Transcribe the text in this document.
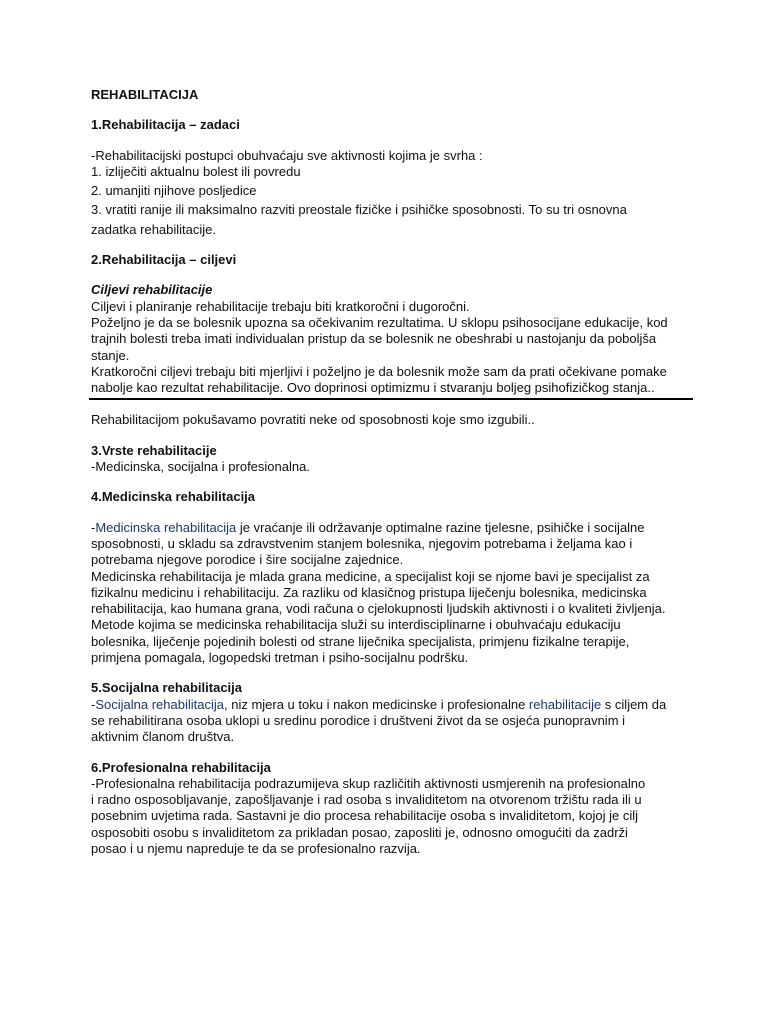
REHABILITACIJA

1.Rehabilitacija – zadaci

-Rehabilitacijski postupci obuhvaćaju sve aktivnosti kojima je svrha :

1. izliječiti aktualnu bolest ili povredu

2. umanjiti njihove posljedice

3. vratiti ranije ili maksimalno razviti preostale fizičke i psihičke sposobnosti. To su tri osnovna

zadatka rehabilitacije.

2.Rehabilitacija – ciljevi

Ciljevi rehabilitacije

Ciljevi i planiranje rehabilitacije trebaju biti kratkoročni i dugoročni.

Poželjno je da se bolesnik upozna sa očekivanim rezultatima. U sklopu psihosocijane edukacije, kod

trajnih bolesti treba imati individualan pristup da se bolesnik ne obeshrabi u nastojanju da poboljša

stanje.

Kratkoročni ciljevi trebaju biti mjerljivi i poželjno je da bolesnik može sam da prati očekivane pomake

nabolje kao rezultat rehabilitacije. Ovo doprinosi optimizmu i stvaranju boljeg psihofizičkog stanja..

Rehabilitacijom pokušavamo povratiti neke od sposobnosti koje smo izgubili..

3.Vrste rehabilitacije

-Medicinska, socijalna i profesionalna.

4.Medicinska rehabilitacija

-Medicinska rehabilitacija je vraćanje ili održavanje optimalne razine tjelesne, psihičke i socijalne

sposobnosti, u skladu sa zdravstvenim stanjem bolesnika, njegovim potrebama i željama kao i

potrebama njegove porodice i šire socijalne zajednice.

Medicinska rehabilitacija je mlada grana medicine, a specijalist koji se njome bavi je specijalist za

fizikalnu medicinu i rehabilitaciju. Za razliku od klasičnog pristupa liječenju bolesnika, medicinska

rehabilitacija, kao humana grana, vodi računa o cjelokupnosti ljudskih aktivnosti i o kvaliteti življenja.

Metode kojima se medicinska rehabilitacija služi su interdisciplinarne i obuhvaćaju edukaciju

bolesnika, liječenje pojedinih bolesti od strane liječnika specijalista, primjenu fizikalne terapije,

primjena pomagala, logopedski tretman i psiho-socijalnu podršku.

5.Socijalna rehabilitacija

-Socijalna rehabilitacija, niz mjera u toku i nakon medicinske i profesionalne rehabilitacije s ciljem da

se rehabilitirana osoba uklopi u sredinu porodice i društveni život da se osjeća punopravnim i

aktivnim članom društva.

6.Profesionalna rehabilitacija

-Profesionalna rehabilitacija podrazumijeva skup različitih aktivnosti usmjerenih na profesionalno

i radno osposobljavanje, zapošljavanje i rad osoba s invaliditetom na otvorenom tržištu rada ili u

posebnim uvjetima rada. Sastavni je dio procesa rehabilitacije osoba s invaliditetom, kojoj je cilj

osposobiti osobu s invaliditetom za prikladan posao, zaposliti je, odnosno omogućiti da zadrži

posao i u njemu napreduje te da se profesionalno razvija.
